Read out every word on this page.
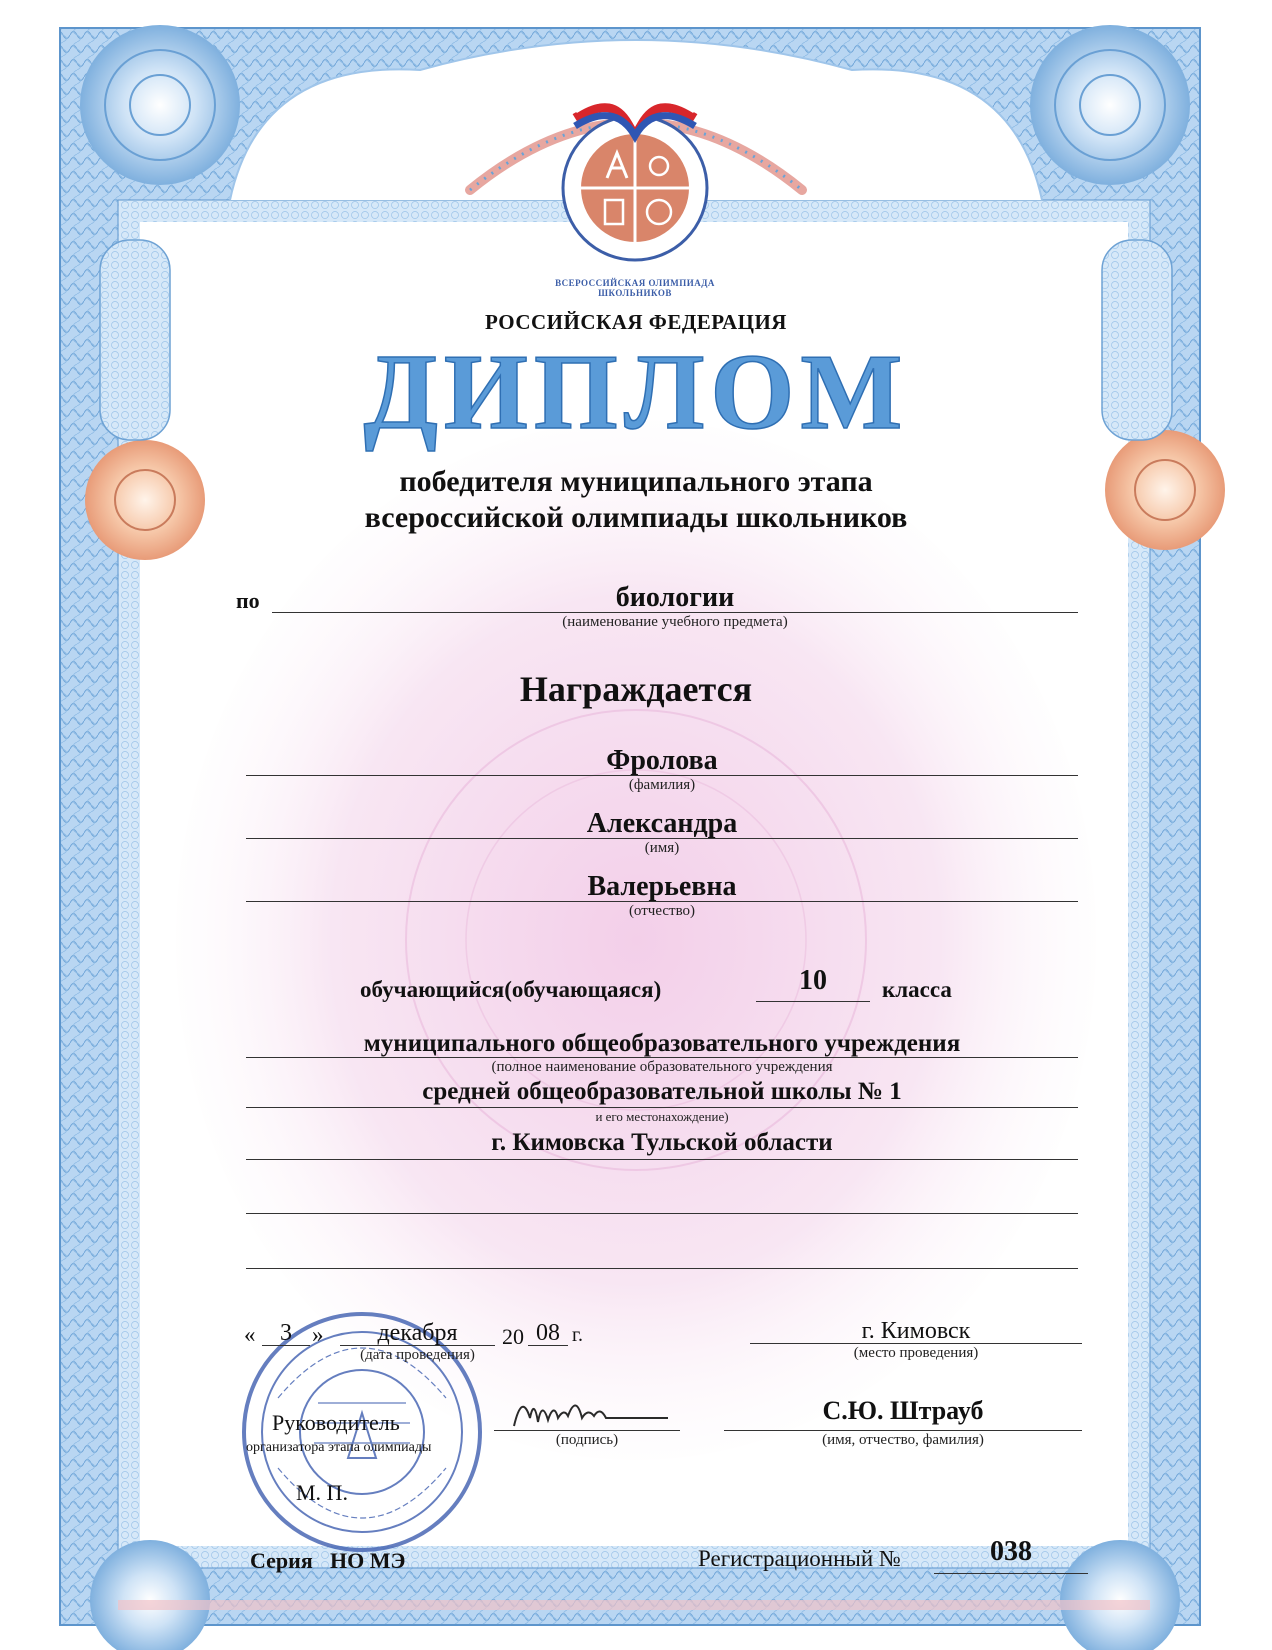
ВСЕРОССИЙСКАЯ ОЛИМПИАДА ШКОЛЬНИКОВ
РОССИЙСКАЯ ФЕДЕРАЦИЯ
ДИПЛОМ
победителя муниципального этапа
всероссийской олимпиады школьников
по	биологии
(наименование учебного предмета)
Награждается
Фролова
(фамилия)
Александра
(имя)
Валерьевна
(отчество)
обучающийся(обучающаяся)	10	класса
муниципального общеобразовательного учреждения
(полное наименование образовательного учреждения
средней общеобразовательной школы № 1
и его местонахождение)
г. Кимовска Тульской области
«	3 »	декабря	20 08 г.
(дата проведения)
г. Кимовск
(место проведения)
Руководитель
организатора этапа олимпиады	(подпись)
С.Ю. Штрауб
(имя, отчество, фамилия)
М. П.
Серия НО МЭ	Регистрационный №	038
